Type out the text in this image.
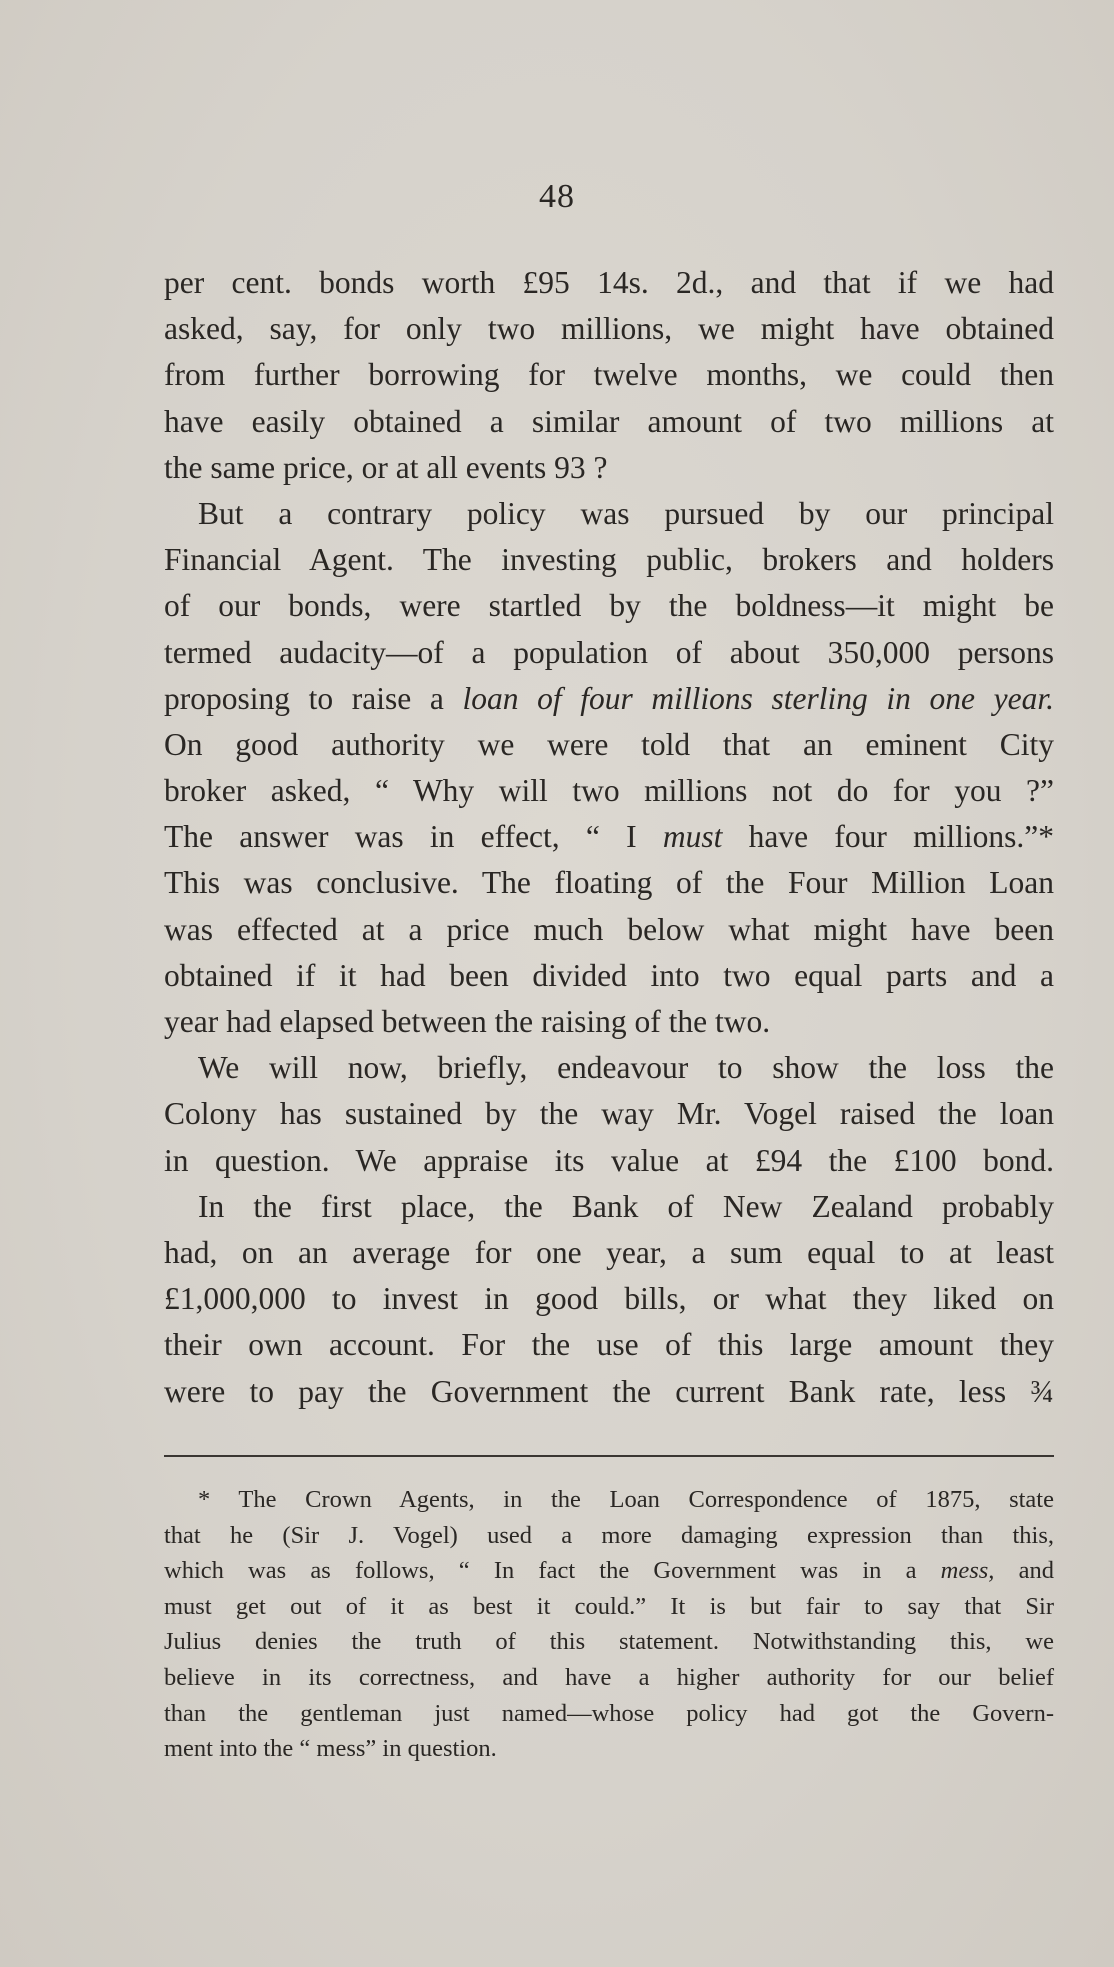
48
per cent. bonds worth £95 14s. 2d., and that if we had
asked, say, for only two millions, we might have obtained
from further borrowing for twelve months, we could then
have easily obtained a similar amount of two millions at
the same price, or at all events 93 ?
But a contrary policy was pursued by our principal
Financial Agent. The investing public, brokers and holders
of our bonds, were startled by the boldness—it might be
termed audacity—of a population of about 350,000 persons
proposing to raise a loan of four millions sterling in one year.
On good authority we were told that an eminent City
broker asked, “ Why will two millions not do for you ?”
The answer was in effect, “ I must have four millions.”*
This was conclusive. The floating of the Four Million Loan
was effected at a price much below what might have been
obtained if it had been divided into two equal parts and a
year had elapsed between the raising of the two.
We will now, briefly, endeavour to show the loss the
Colony has sustained by the way Mr. Vogel raised the loan
in question. We appraise its value at £94 the £100 bond.
In the first place, the Bank of New Zealand probably
had, on an average for one year, a sum equal to at least
£1,000,000 to invest in good bills, or what they liked on
their own account. For the use of this large amount they
were to pay the Government the current Bank rate, less ¾
* The Crown Agents, in the Loan Correspondence of 1875, state
that he (Sir J. Vogel) used a more damaging expression than this,
which was as follows, “ In fact the Government was in a mess, and
must get out of it as best it could.” It is but fair to say that Sir
Julius denies the truth of this statement. Notwithstanding this, we
believe in its correctness, and have a higher authority for our belief
than the gentleman just named—whose policy had got the Govern-
ment into the “ mess” in question.
